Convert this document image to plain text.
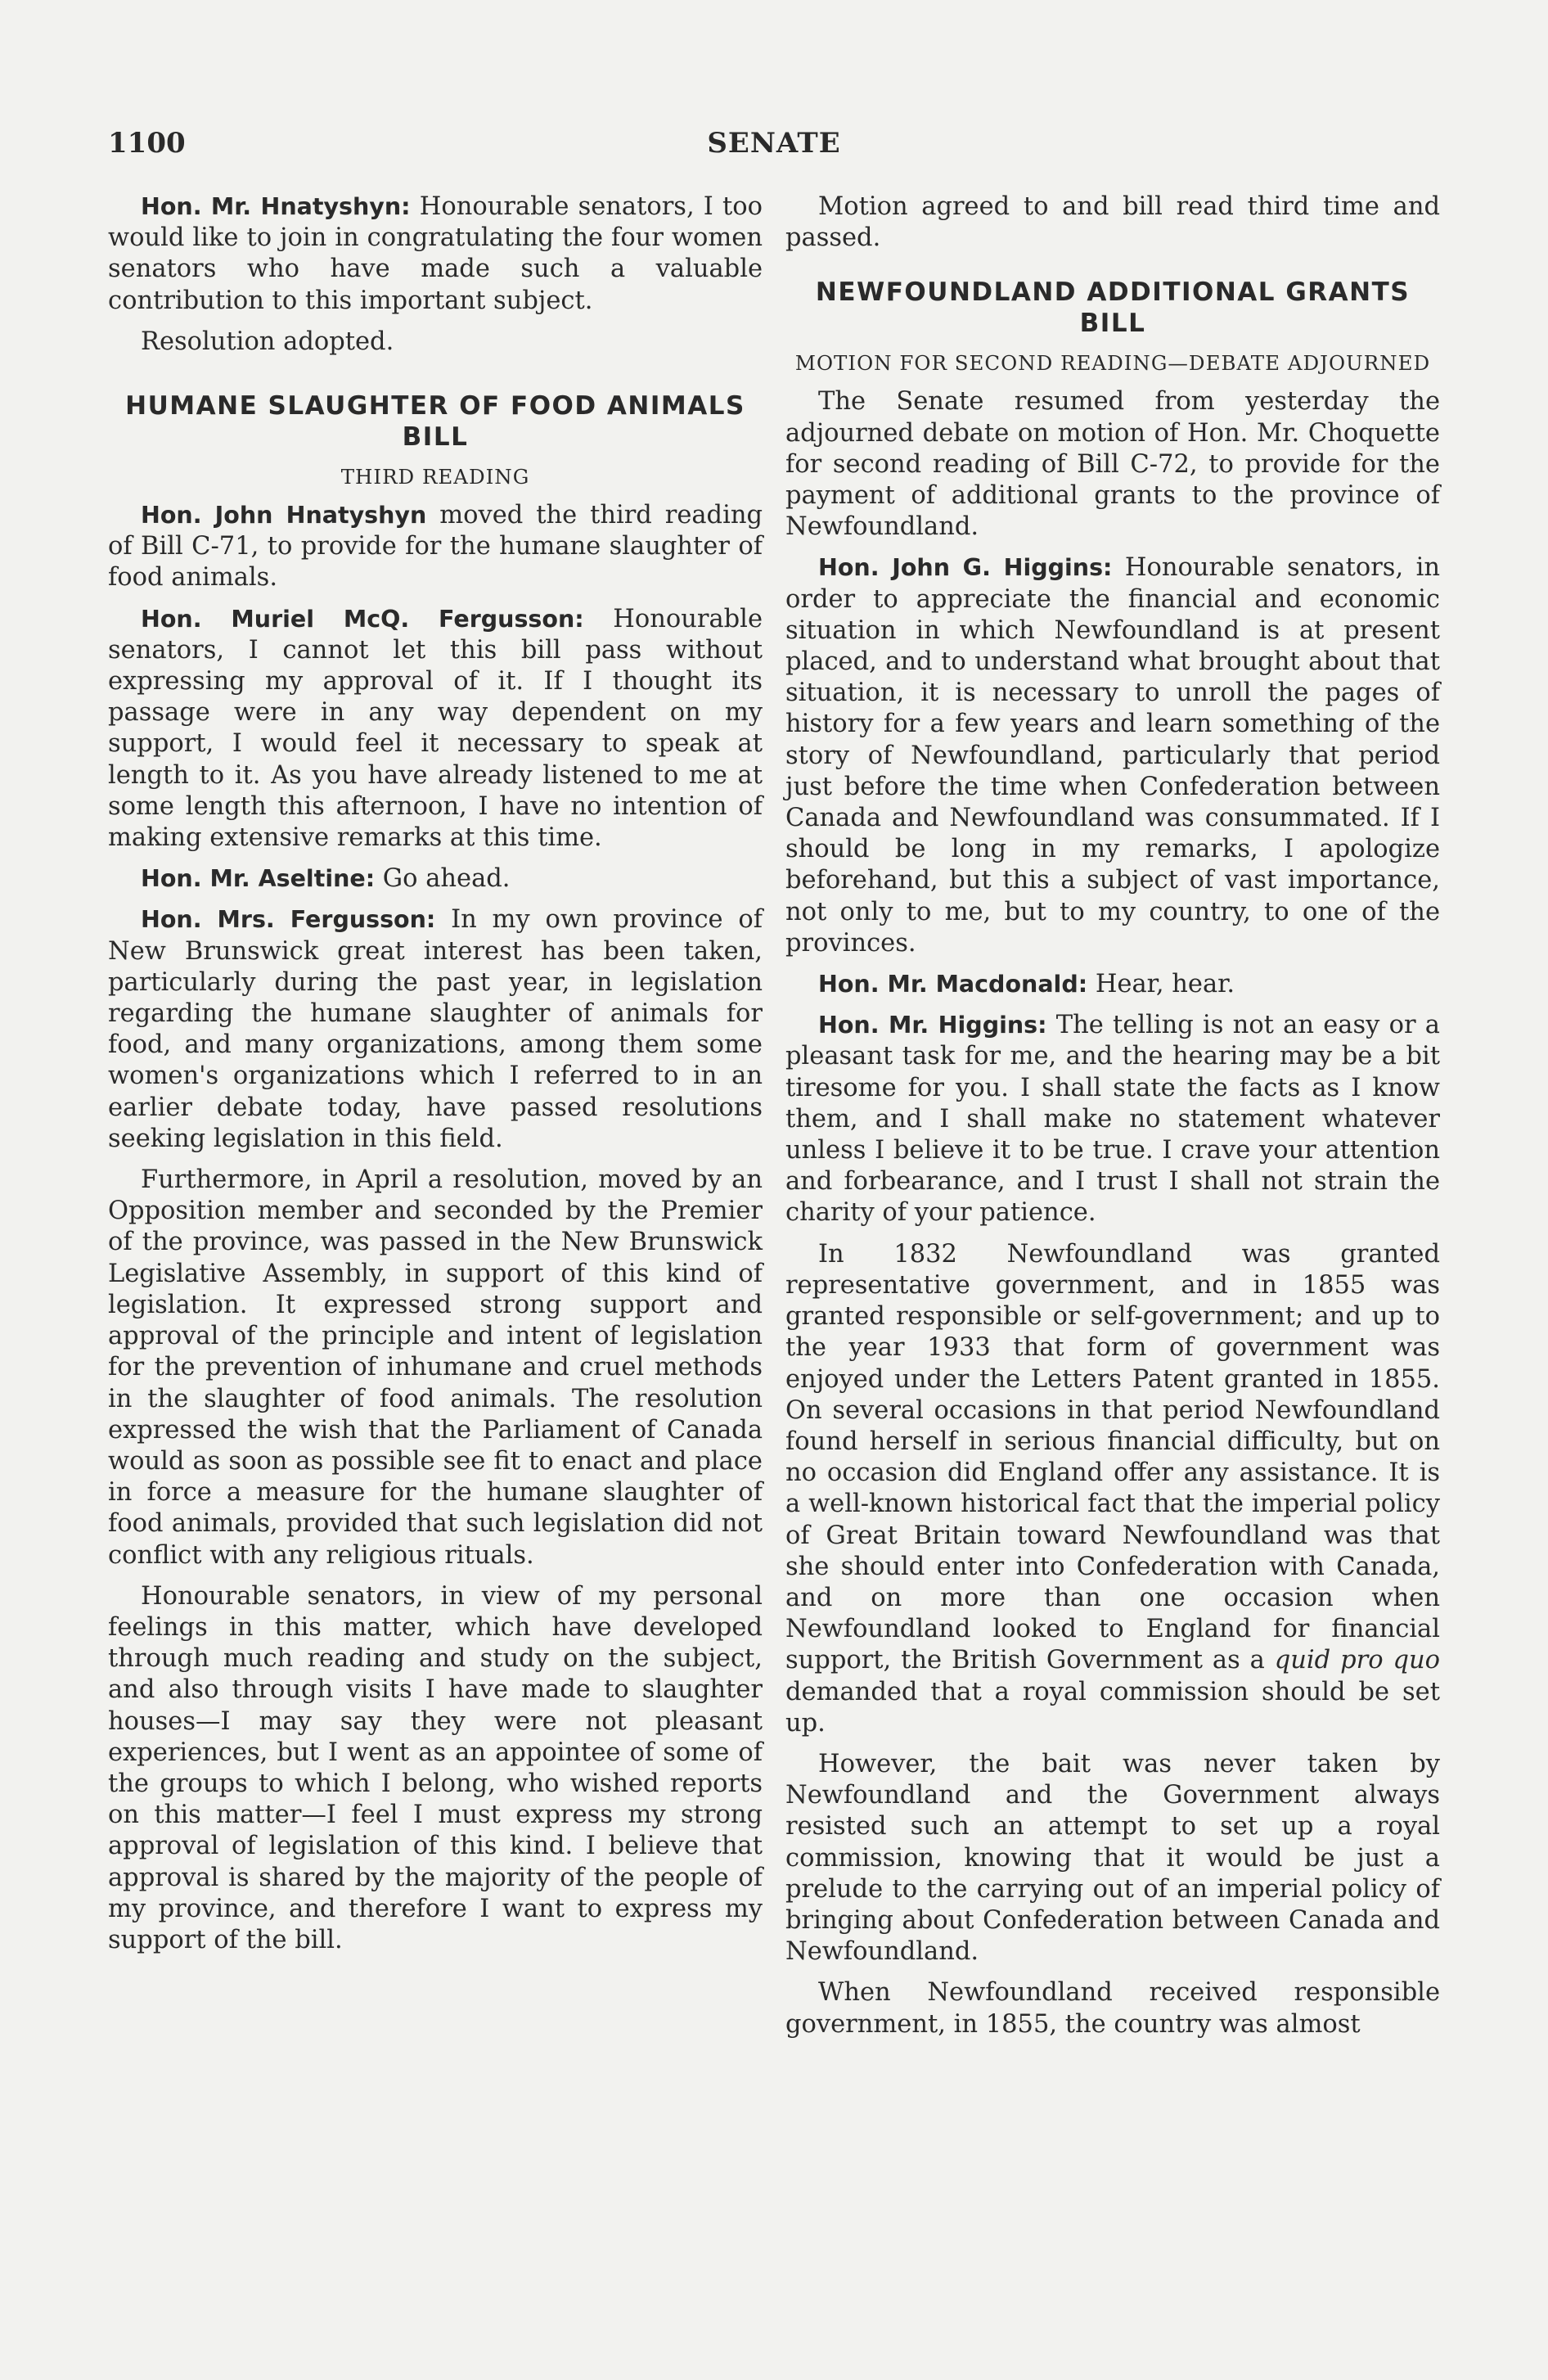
1100	SENATE

Hon. Mr. Hnatyshyn: Honourable senators, I too would like to join in congratulating the four women senators who have made such a valuable contribution to this important subject.

Resolution adopted.

HUMANE SLAUGHTER OF FOOD ANIMALS BILL
THIRD READING

Hon. John Hnatyshyn moved the third reading of Bill C-71, to provide for the humane slaughter of food animals.

Hon. Muriel McQ. Fergusson: Honourable senators, I cannot let this bill pass without expressing my approval of it. If I thought its passage were in any way dependent on my support, I would feel it necessary to speak at length to it. As you have already listened to me at some length this afternoon, I have no intention of making extensive remarks at this time.

Hon. Mr. Aseltine: Go ahead.

Hon. Mrs. Fergusson: In my own province of New Brunswick great interest has been taken, particularly during the past year, in legislation regarding the humane slaughter of animals for food, and many organizations, among them some women's organizations which I referred to in an earlier debate today, have passed resolutions seeking legislation in this field.

Furthermore, in April a resolution, moved by an Opposition member and seconded by the Premier of the province, was passed in the New Brunswick Legislative Assembly, in support of this kind of legislation. It expressed strong support and approval of the principle and intent of legislation for the prevention of inhumane and cruel methods in the slaughter of food animals. The resolution expressed the wish that the Parliament of Canada would as soon as possible see fit to enact and place in force a measure for the humane slaughter of food animals, provided that such legislation did not conflict with any religious rituals.

Honourable senators, in view of my personal feelings in this matter, which have developed through much reading and study on the subject, and also through visits I have made to slaughter houses—I may say they were not pleasant experiences, but I went as an appointee of some of the groups to which I belong, who wished reports on this matter—I feel I must express my strong approval of legislation of this kind. I believe that approval is shared by the majority of the people of my province, and therefore I want to express my support of the bill.

Motion agreed to and bill read third time and passed.

NEWFOUNDLAND ADDITIONAL GRANTS BILL
MOTION FOR SECOND READING—DEBATE ADJOURNED

The Senate resumed from yesterday the adjourned debate on motion of Hon. Mr. Choquette for second reading of Bill C-72, to provide for the payment of additional grants to the province of Newfoundland.

Hon. John G. Higgins: Honourable senators, in order to appreciate the financial and economic situation in which Newfoundland is at present placed, and to understand what brought about that situation, it is necessary to unroll the pages of history for a few years and learn something of the story of Newfoundland, particularly that period just before the time when Confederation between Canada and Newfoundland was consummated. If I should be long in my remarks, I apologize beforehand, but this a subject of vast importance, not only to me, but to my country, to one of the provinces.

Hon. Mr. Macdonald: Hear, hear.

Hon. Mr. Higgins: The telling is not an easy or a pleasant task for me, and the hearing may be a bit tiresome for you. I shall state the facts as I know them, and I shall make no statement whatever unless I believe it to be true. I crave your attention and forbearance, and I trust I shall not strain the charity of your patience.

In 1832 Newfoundland was granted representative government, and in 1855 was granted responsible or self-government; and up to the year 1933 that form of government was enjoyed under the Letters Patent granted in 1855. On several occasions in that period Newfoundland found herself in serious financial difficulty, but on no occasion did England offer any assistance. It is a well-known historical fact that the imperial policy of Great Britain toward Newfoundland was that she should enter into Confederation with Canada, and on more than one occasion when Newfoundland looked to England for financial support, the British Government as a quid pro quo demanded that a royal commission should be set up.

However, the bait was never taken by Newfoundland and the Government always resisted such an attempt to set up a royal commission, knowing that it would be just a prelude to the carrying out of an imperial policy of bringing about Confederation between Canada and Newfoundland.

When Newfoundland received responsible government, in 1855, the country was almost
